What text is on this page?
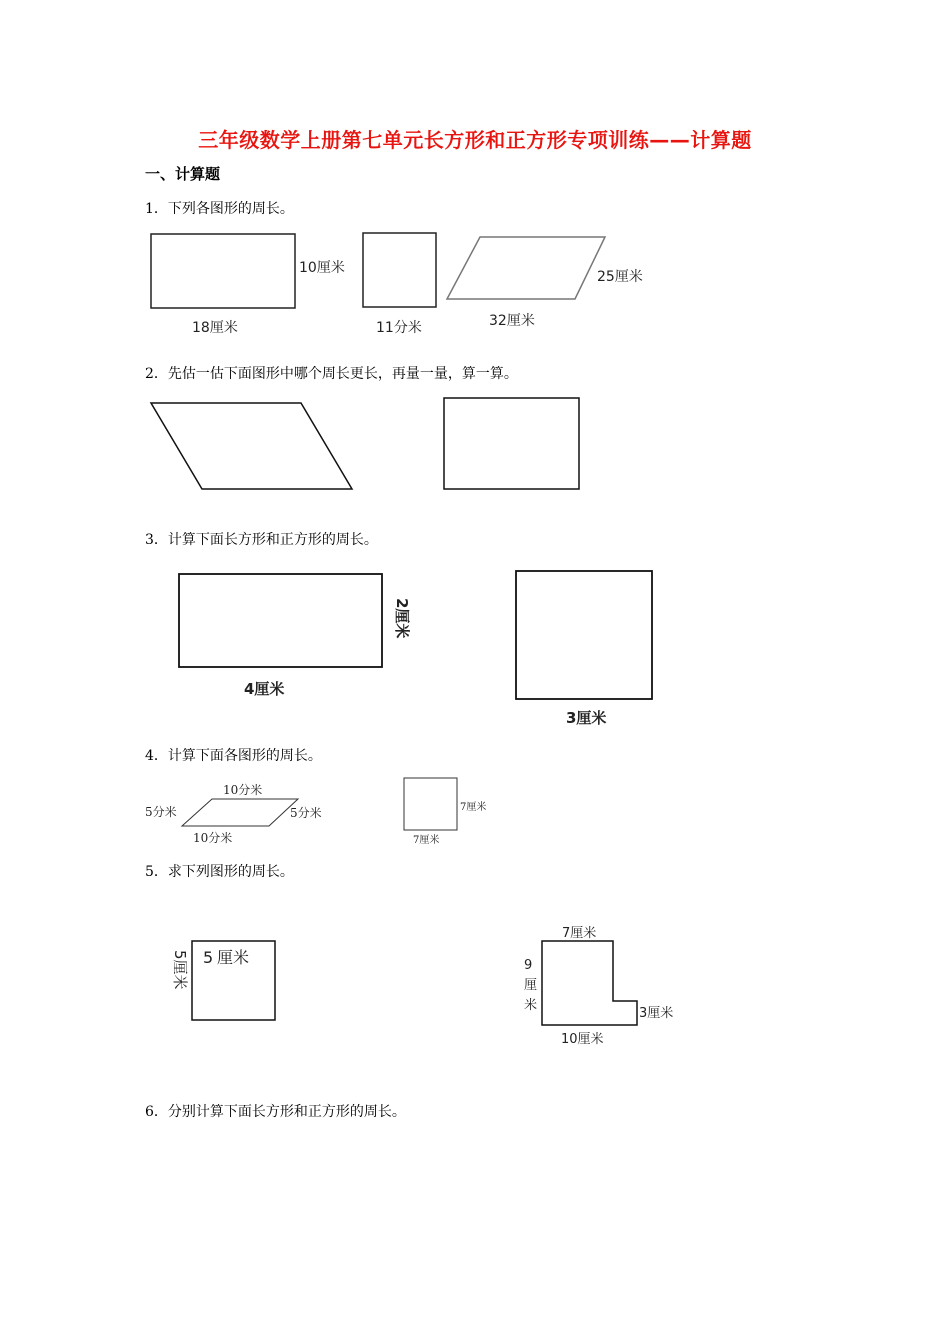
三年级数学上册第七单元长方形和正方形专项训练——计算题
一、计算题
1．下列各图形的周长。
2．先估一估下面图形中哪个周长更长，再量一量，算一算。
3．计算下面长方形和正方形的周长。
4．计算下面各图形的周长。
5．求下列图形的周长。
6．分别计算下面长方形和正方形的周长。
10厘米
18厘米	11分米
25厘米
32厘米
4厘米
3厘米
2厘米
10分米
5分米	5分米
10分米
7厘米
7厘米
5 厘米
5厘米
7厘米
9
厘
米
3厘米
10厘米
